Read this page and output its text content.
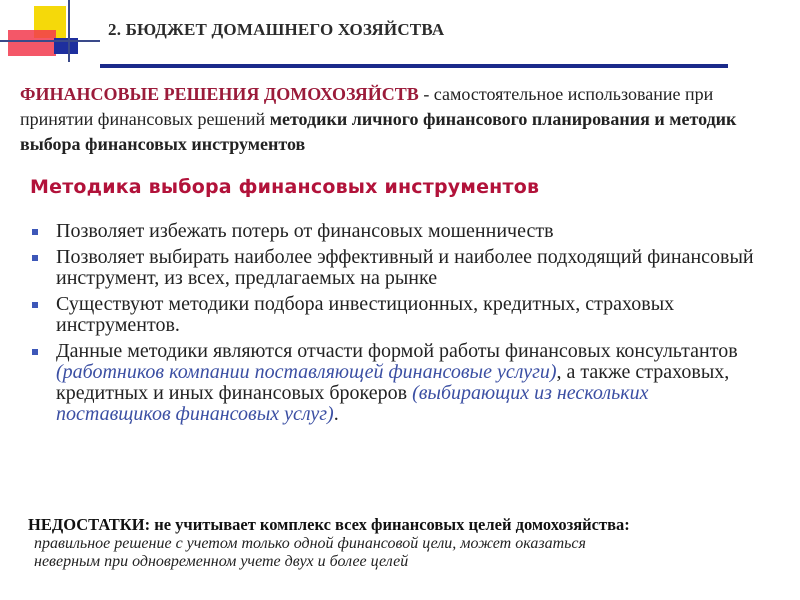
2. БЮДЖЕТ ДОМАШНЕГО ХОЗЯЙСТВА
ФИНАНСОВЫЕ РЕШЕНИЯ ДОМОХОЗЯЙСТВ - самостоятельное использование при принятии финансовых решений методики личного финансового планирования и методик выбора финансовых инструментов
Методика выбора финансовых инструментов
Позволяет избежать потерь от финансовых мошенничеств
Позволяет выбирать наиболее эффективный и наиболее подходящий финансовый инструмент, из всех, предлагаемых на рынке
Существуют методики подбора инвестиционных, кредитных, страховых инструментов.
Данные методики являются отчасти формой работы финансовых консультантов (работников компании поставляющей финансовые услуги), а также страховых, кредитных и иных финансовых брокеров (выбирающих из нескольких поставщиков финансовых услуг).
НЕДОСТАТКИ: не учитывает комплекс всех финансовых целей домохозяйства:
правильное решение с учетом только одной финансовой цели, может оказаться
неверным при одновременном учете двух и более целей
